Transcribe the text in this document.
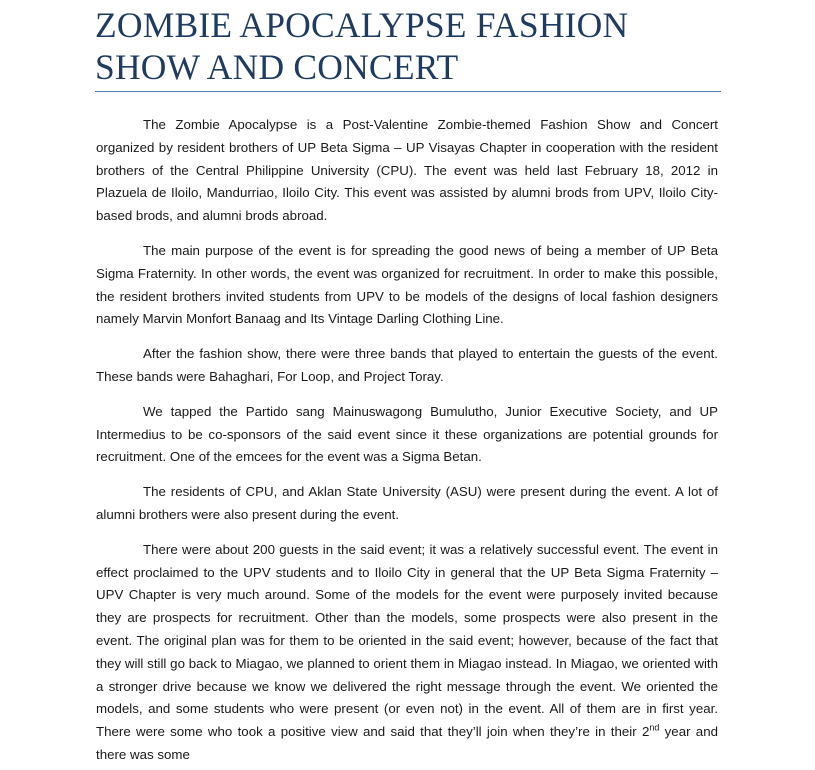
ZOMBIE APOCALYPSE FASHION SHOW AND CONCERT

The Zombie Apocalypse is a Post-Valentine Zombie-themed Fashion Show and Concert organized by resident brothers of UP Beta Sigma – UP Visayas Chapter in cooperation with the resident brothers of the Central Philippine University (CPU). The event was held last February 18, 2012 in Plazuela de Iloilo, Mandurriao, Iloilo City. This event was assisted by alumni brods from UPV, Iloilo City-based brods, and alumni brods abroad.

The main purpose of the event is for spreading the good news of being a member of UP Beta Sigma Fraternity. In other words, the event was organized for recruitment. In order to make this possible, the resident brothers invited students from UPV to be models of the designs of local fashion designers namely Marvin Monfort Banaag and Its Vintage Darling Clothing Line.

After the fashion show, there were three bands that played to entertain the guests of the event. These bands were Bahaghari, For Loop, and Project Toray.

We tapped the Partido sang Mainuswagong Bumulutho, Junior Executive Society, and UP Intermedius to be co-sponsors of the said event since it these organizations are potential grounds for recruitment. One of the emcees for the event was a Sigma Betan.

The residents of CPU, and Aklan State University (ASU) were present during the event. A lot of alumni brothers were also present during the event.

There were about 200 guests in the said event; it was a relatively successful event. The event in effect proclaimed to the UPV students and to Iloilo City in general that the UP Beta Sigma Fraternity – UPV Chapter is very much around. Some of the models for the event were purposely invited because they are prospects for recruitment. Other than the models, some prospects were also present in the event. The original plan was for them to be oriented in the said event; however, because of the fact that they will still go back to Miagao, we planned to orient them in Miagao instead. In Miagao, we oriented with a stronger drive because we know we delivered the right message through the event. We oriented the models, and some students who were present (or even not) in the event. All of them are in first year. There were some who took a positive view and said that they’ll join when they’re in their 2nd year and there was some
